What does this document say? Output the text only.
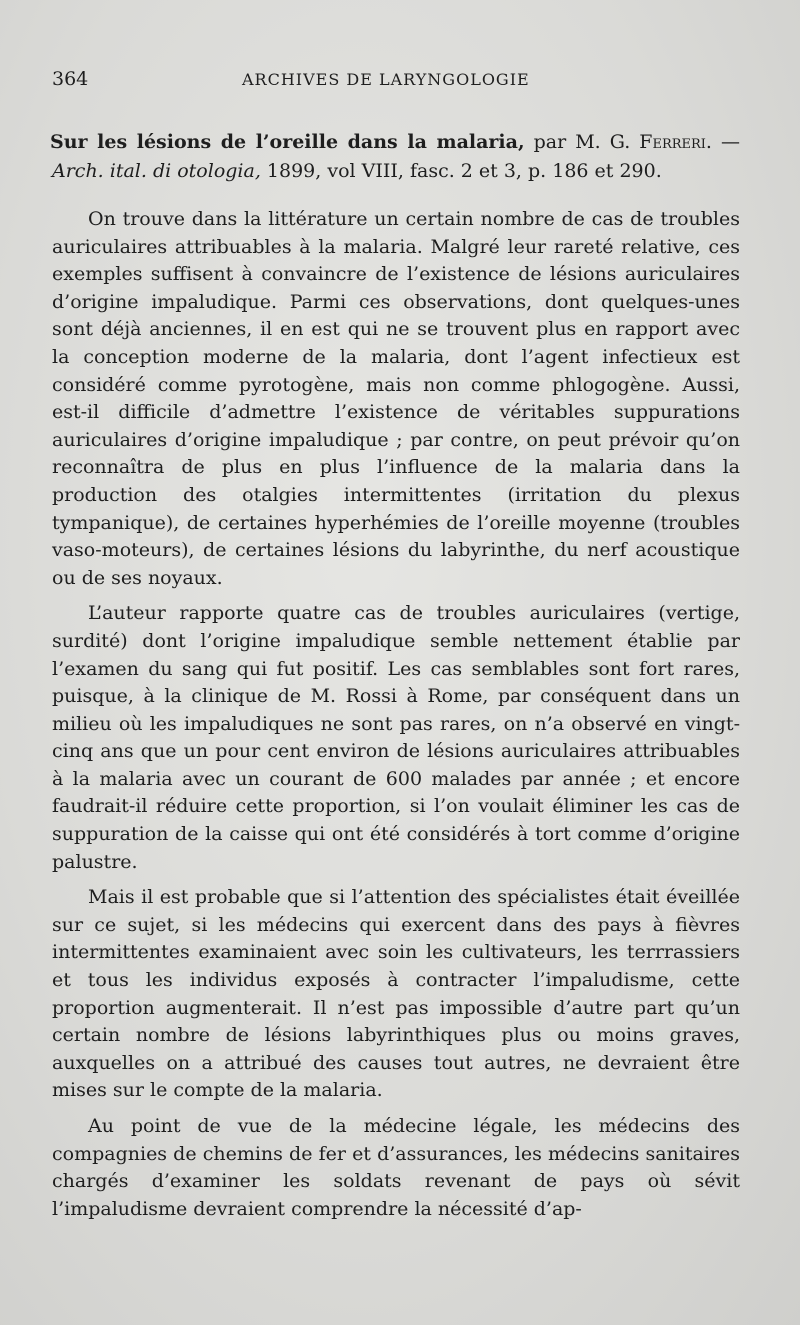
364	ARCHIVES DE LARYNGOLOGIE
Sur les lésions de l’oreille dans la malaria, par M. G. Ferreri. — Arch. ital. di otologia, 1899, vol VIII, fasc. 2 et 3, p. 186 et 290.

On trouve dans la littérature un certain nombre de cas de troubles auriculaires attribuables à la malaria. Malgré leur rareté relative, ces exemples suffisent à convaincre de l’existence de lésions auriculaires d’origine impaludique. Parmi ces observations, dont quelques-unes sont déjà anciennes, il en est qui ne se trouvent plus en rapport avec la conception moderne de la malaria, dont l’agent infectieux est considéré comme pyrotogène, mais non comme phlogogène. Aussi, est-il difficile d’admettre l’existence de véritables suppurations auriculaires d’origine impaludique ; par contre, on peut prévoir qu’on reconnaîtra de plus en plus l’influence de la malaria dans la production des otalgies intermittentes (irritation du plexus tympanique), de certaines hyperhémies de l’oreille moyenne (troubles vaso-moteurs), de certaines lésions du labyrinthe, du nerf acoustique ou de ses noyaux.

L’auteur rapporte quatre cas de troubles auriculaires (vertige, surdité) dont l’origine impaludique semble nettement établie par l’examen du sang qui fut positif. Les cas semblables sont fort rares, puisque, à la clinique de M. Rossi à Rome, par conséquent dans un milieu où les impaludiques ne sont pas rares, on n’a observé en vingt-cinq ans que un pour cent environ de lésions auriculaires attribuables à la malaria avec un courant de 600 malades par année ; et encore faudrait-il réduire cette proportion, si l’on voulait éliminer les cas de suppuration de la caisse qui ont été considérés à tort comme d’origine palustre.

Mais il est probable que si l’attention des spécialistes était éveillée sur ce sujet, si les médecins qui exercent dans des pays à fièvres intermittentes examinaient avec soin les cultivateurs, les terrrassiers et tous les individus exposés à contracter l’impaludisme, cette proportion augmenterait. Il n’est pas impossible d’autre part qu’un certain nombre de lésions labyrinthiques plus ou moins graves, auxquelles on a attribué des causes tout autres, ne devraient être mises sur le compte de la malaria.

Au point de vue de la médecine légale, les médecins des compagnies de chemins de fer et d’assurances, les médecins sanitaires chargés d’examiner les soldats revenant de pays où sévit l’impaludisme devraient comprendre la nécessité d’ap-
